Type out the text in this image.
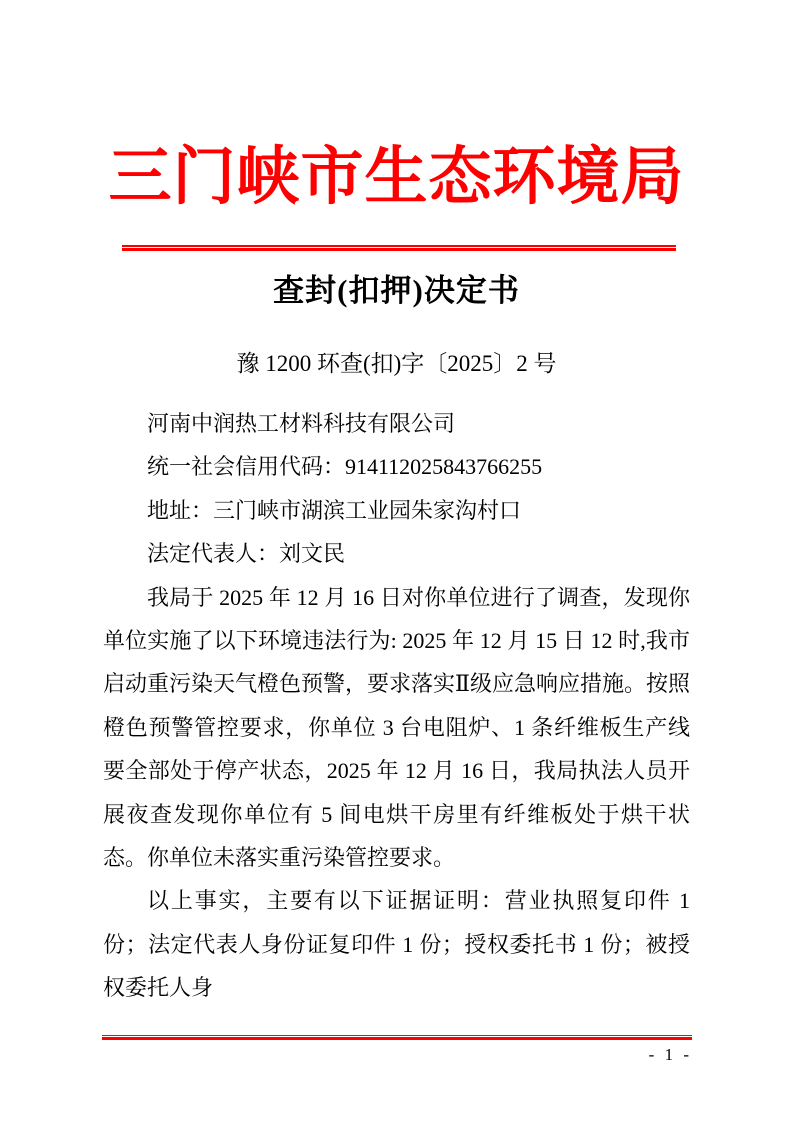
三门峡市生态环境局
查封(扣押)决定书
豫 1200 环查(扣)字〔2025〕2 号

河南中润热工材料科技有限公司

统一社会信用代码：914112025843766255

地址：三门峡市湖滨工业园朱家沟村口

法定代表人：刘文民

我局于 2025 年 12 月 16 日对你单位进行了调查，发现你单位实施了以下环境违法行为: 2025 年 12 月 15 日 12 时,我市启动重污染天气橙色预警，要求落实Ⅱ级应急响应措施。按照橙色预警管控要求，你单位 3 台电阻炉、1 条纤维板生产线要全部处于停产状态，2025 年 12 月 16 日，我局执法人员开展夜查发现你单位有 5 间电烘干房里有纤维板处于烘干状态。你单位未落实重污染管控要求。

以上事实，主要有以下证据证明：营业执照复印件 1 份；法定代表人身份证复印件 1 份；授权委托书 1 份；被授权委托人身

- 1 -
